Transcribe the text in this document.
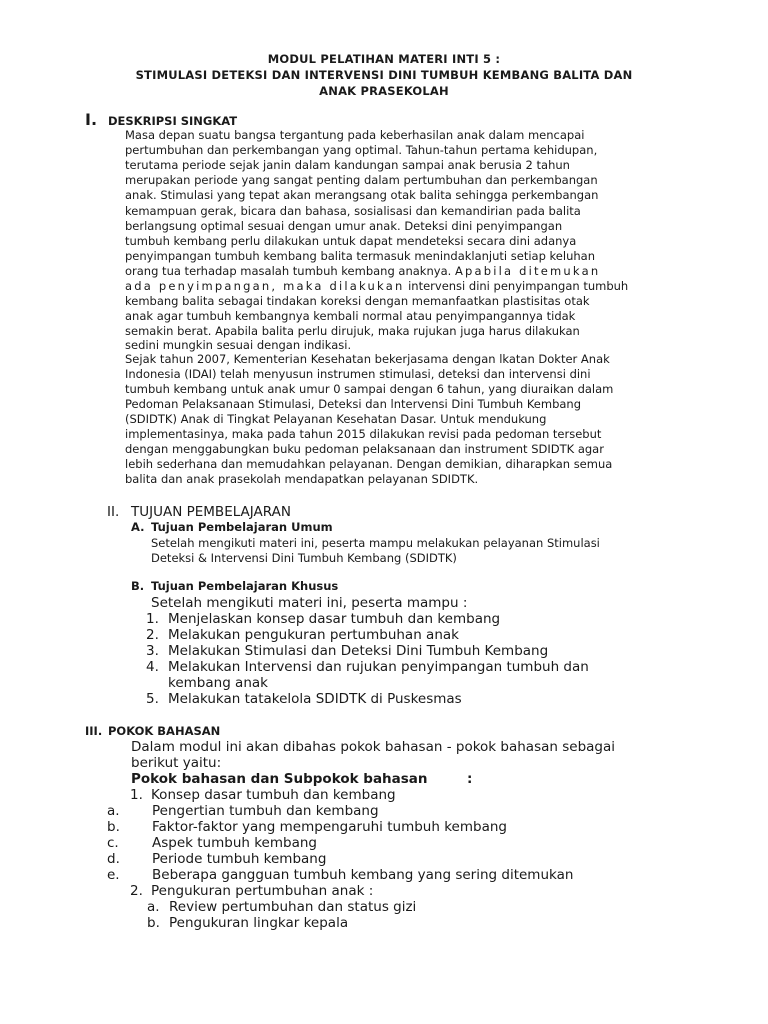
MODUL PELATIHAN MATERI INTI 5 :
STIMULASI DETEKSI DAN INTERVENSI DINI TUMBUH KEMBANG BALITA DAN
ANAK PRASEKOLAH
I. DESKRIPSI SINGKAT
Masa depan suatu bangsa tergantung pada keberhasilan anak dalam mencapai
pertumbuhan dan perkembangan yang optimal. Tahun-tahun pertama kehidupan,
terutama periode sejak janin dalam kandungan sampai anak berusia 2 tahun
merupakan periode yang sangat penting dalam pertumbuhan dan perkembangan
anak. Stimulasi yang tepat akan merangsang otak balita sehingga perkembangan
kemampuan gerak, bicara dan bahasa, sosialisasi dan kemandirian pada balita
berlangsung optimal sesuai dengan umur anak. Deteksi dini penyimpangan
tumbuh kembang perlu dilakukan untuk dapat mendeteksi secara dini adanya
penyimpangan tumbuh kembang balita termasuk menindaklanjuti setiap keluhan
orang tua terhadap masalah tumbuh kembang anaknya. Apabila ditemukan
ada penyimpangan, maka dilakukan intervensi dini penyimpangan tumbuh
kembang balita sebagai tindakan koreksi dengan memanfaatkan plastisitas otak
anak agar tumbuh kembangnya kembali normal atau penyimpangannya tidak
semakin berat. Apabila balita perlu dirujuk, maka rujukan juga harus dilakukan
sedini mungkin sesuai dengan indikasi.
Sejak tahun 2007, Kementerian Kesehatan bekerjasama dengan lkatan Dokter Anak
Indonesia (IDAI) telah menyusun instrumen stimulasi, deteksi dan intervensi dini
tumbuh kembang untuk anak umur 0 sampai dengan 6 tahun, yang diuraikan dalam
Pedoman Pelaksanaan Stimulasi, Deteksi dan lntervensi Dini Tumbuh Kembang
(SDIDTK) Anak di Tingkat Pelayanan Kesehatan Dasar. Untuk mendukung
implementasinya, maka pada tahun 2015 dilakukan revisi pada pedoman tersebut
dengan menggabungkan buku pedoman pelaksanaan dan instrument SDIDTK agar
lebih sederhana dan memudahkan pelayanan. Dengan demikian, diharapkan semua
balita dan anak prasekolah mendapatkan pelayanan SDIDTK.
II. TUJUAN PEMBELAJARAN
A. Tujuan Pembelajaran Umum
Setelah mengikuti materi ini, peserta mampu melakukan pelayanan Stimulasi
Deteksi & Intervensi Dini Tumbuh Kembang (SDIDTK)
B. Tujuan Pembelajaran Khusus
Setelah mengikuti materi ini, peserta mampu :
1. Menjelaskan konsep dasar tumbuh dan kembang
2. Melakukan pengukuran pertumbuhan anak
3. Melakukan Stimulasi dan Deteksi Dini Tumbuh Kembang
4. Melakukan Intervensi dan rujukan penyimpangan tumbuh dan
kembang anak
5. Melakukan tatakelola SDIDTK di Puskesmas
III. POKOK BAHASAN
Dalam modul ini akan dibahas pokok bahasan - pokok bahasan sebagai
berikut yaitu:
Pokok bahasan dan Subpokok bahasan	:
1. Konsep dasar tumbuh dan kembang
a. Pengertian tumbuh dan kembang
b. Faktor-faktor yang mempengaruhi tumbuh kembang
c. Aspek tumbuh kembang
d. Periode tumbuh kembang
e. Beberapa gangguan tumbuh kembang yang sering ditemukan
2. Pengukuran pertumbuhan anak :
a. Review pertumbuhan dan status gizi
b. Pengukuran lingkar kepala
